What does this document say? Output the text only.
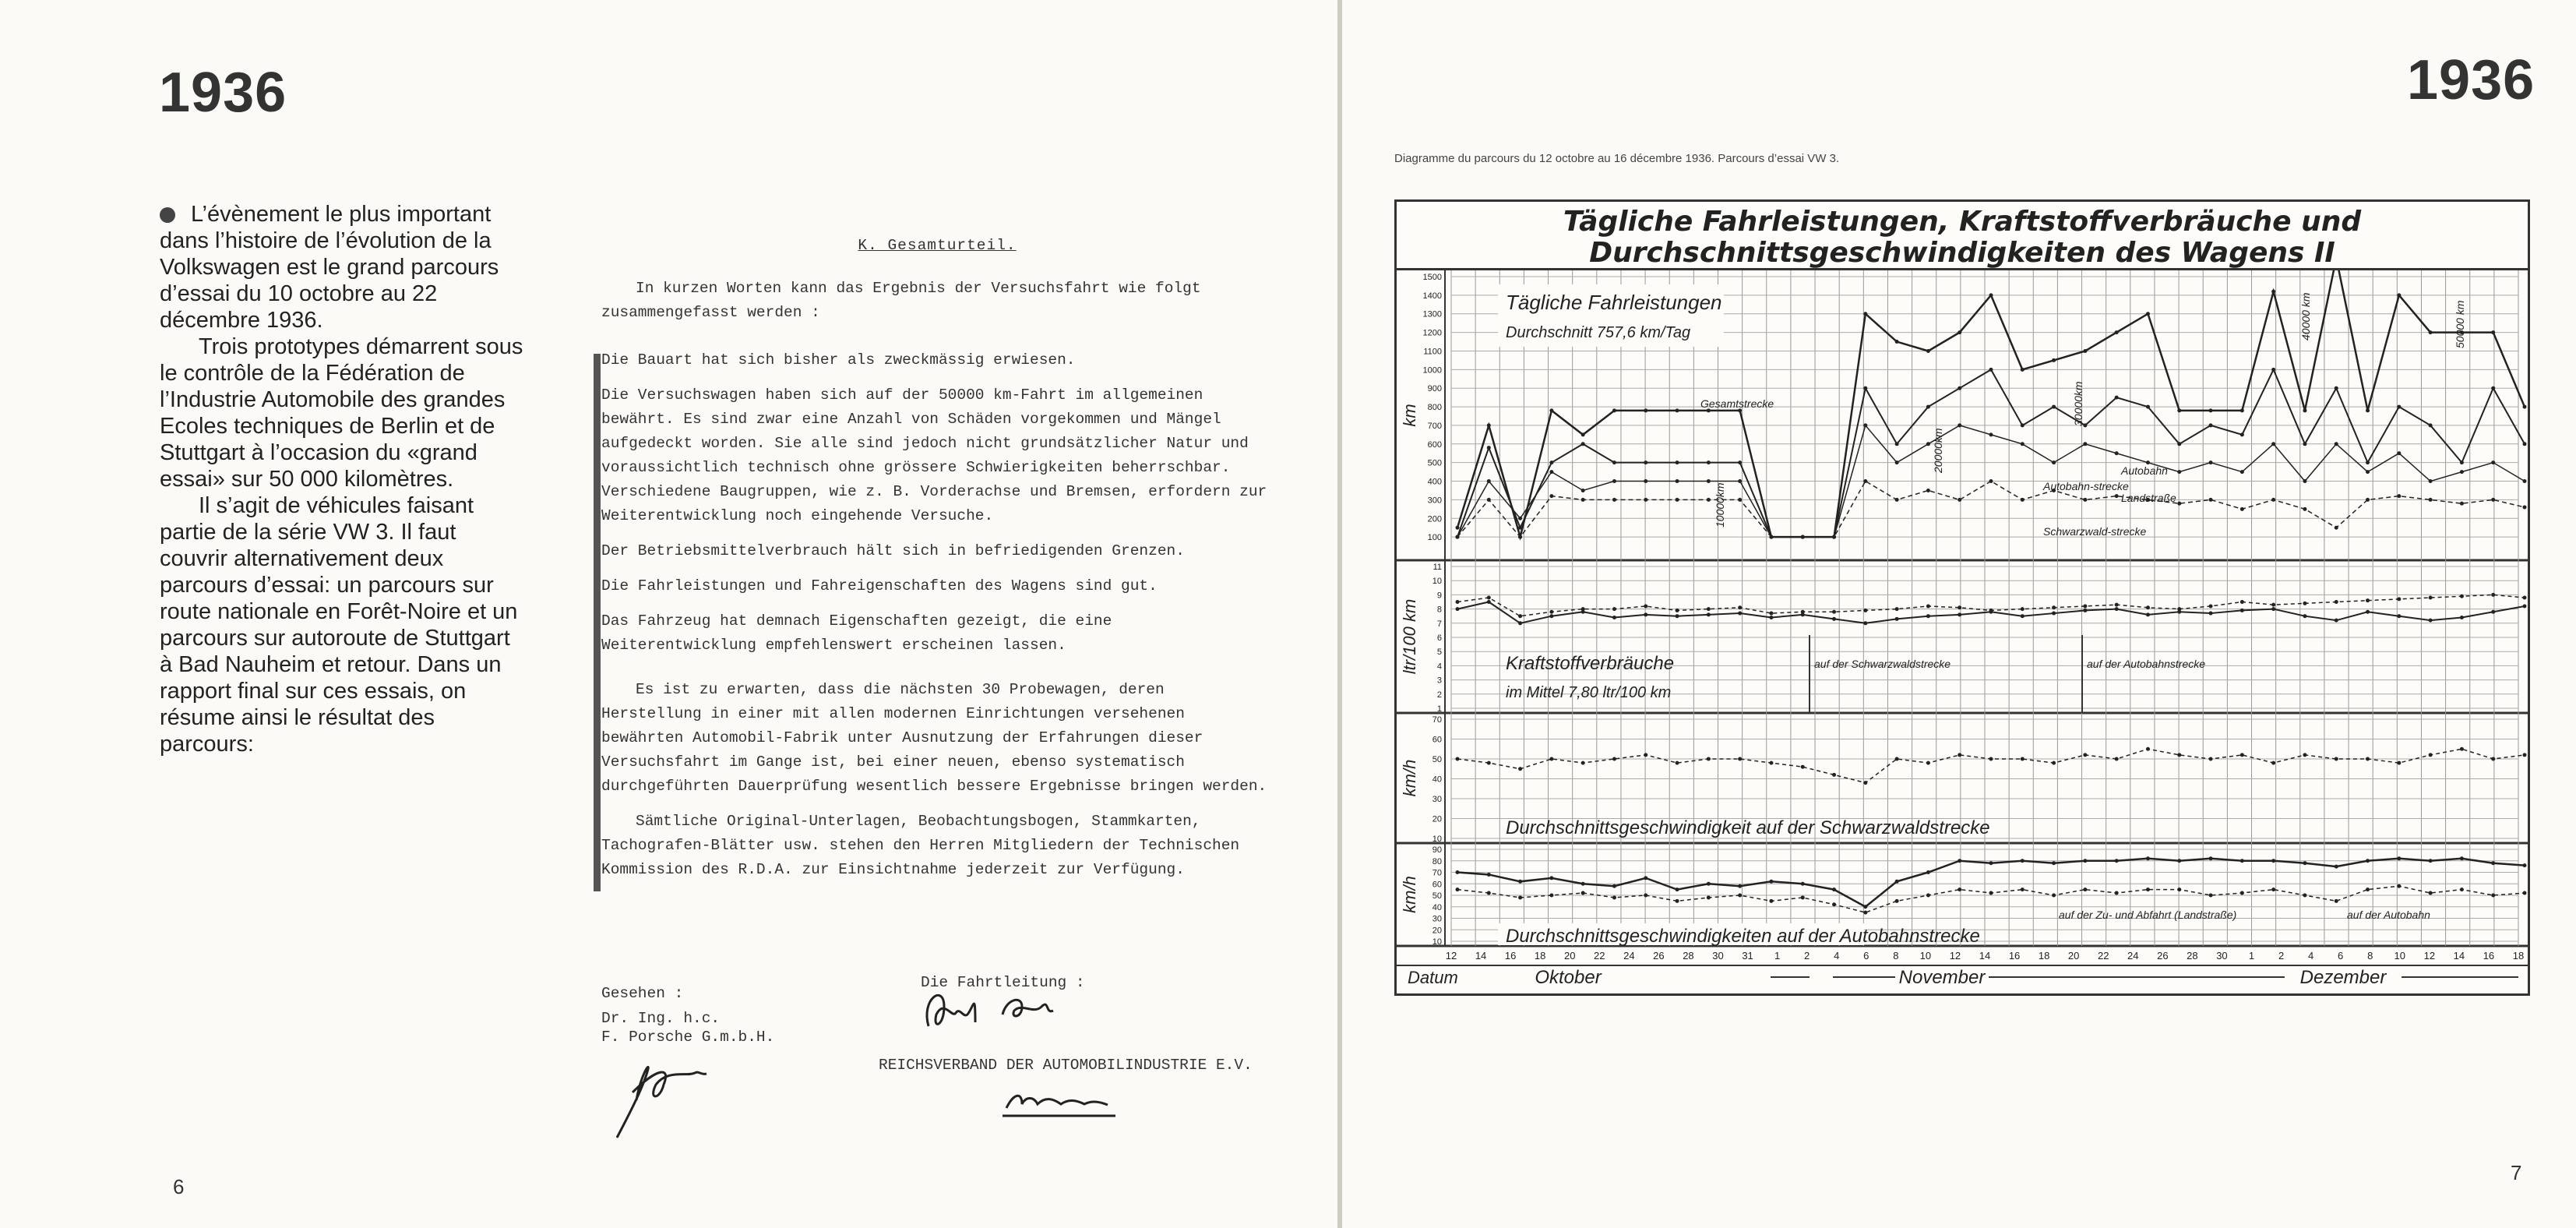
1936

L’évènement le plus important dans l’histoire de l’évolution de la Volkswagen est le grand parcours d’essai du 10 octobre au 22 décembre 1936.

Trois prototypes démarrent sous le contrôle de la Fédération de l’Industrie Automobile des grandes Ecoles techniques de Berlin et de Stuttgart à l’occasion du «grand essai» sur 50 000 kilomètres.

Il s’agit de véhicules faisant partie de la série VW 3. Il faut couvrir alternativement deux parcours d’essai: un parcours sur route nationale en Forêt-Noire et un parcours sur autoroute de Stuttgart à Bad Nauheim et retour. Dans un rapport final sur ces essais, on résume ainsi le résultat des parcours:

K. Gesamturteil.

In kurzen Worten kann das Ergebnis der Versuchsfahrt wie folgt zusammengefasst werden :

Die Bauart hat sich bisher als zweckmässig erwiesen.

Die Versuchswagen haben sich auf der 50000 km-Fahrt im allgemeinen bewährt. Es sind zwar eine Anzahl von Schäden vorgekommen und Mängel aufgedeckt worden. Sie alle sind jedoch nicht grundsätzlicher Natur und voraussichtlich technisch ohne grössere Schwierigkeiten beherrschbar. Verschiedene Baugruppen, wie z. B. Vorderachse und Bremsen, erfordern zur Weiterentwicklung noch eingehende Versuche.

Der Betriebsmittelverbrauch hält sich in befriedigenden Grenzen.

Die Fahrleistungen und Fahreigenschaften des Wagens sind gut.

Das Fahrzeug hat demnach Eigenschaften gezeigt, die eine Weiterentwicklung empfehlenswert erscheinen lassen.

Es ist zu erwarten, dass die nächsten 30 Probewagen, deren Herstellung in einer mit allen modernen Einrichtungen versehenen bewährten Automobil-Fabrik unter Ausnutzung der Erfahrungen dieser Versuchsfahrt im Gange ist, bei einer neuen, ebenso systematisch durchgeführten Dauerprüfung wesentlich bessere Ergebnisse bringen werden.

Sämtliche Original-Unterlagen, Beobachtungsbogen, Stammkarten, Tachografen-Blätter usw. stehen den Herren Mitgliedern der Technischen Kommission des R.D.A. zur Einsichtnahme jederzeit zur Verfügung.

Gesehen :
Dr. Ing. h.c.
F. Porsche G.m.b.H.
Die Fahrtleitung :
REICHSVERBAND DER AUTOMOBILINDUSTRIE E.V.
6
1936
7
Diagramme du parcours du 12 octobre au 16 décembre 1936. Parcours d’essai VW 3.
Tägliche Fahrleistungen, Kraftstoffverbräuche und Durchschnittsgeschwindigkeiten des Wagens II
12 14 16 18 20 22 24 26 28 30 31 1 2 4 6 8 10 12 14 16 18 20 22 24 26 28 30 1 2 4 6 8 10 12 14 16 18
Datum	Oktober	November	Dezember
1500
1400
1300
1200
1100
1000
900
800
700
600
500
400
300
200
100
km
11
10
9
8
7
6
5
4
3
2
1
ltr/100 km
70
60
50
40
30
20
10
km/h
90
80
70
60
50
40
30
20
10
km/h
Tägliche Fahrleistungen
Durchschnitt 757,6 km/Tag
Gesamtstrecke
10000km
20000km
30000km
40000 km	50000 km
Autobahn-strecke
Autobahn
Landstraße
Schwarzwald-strecke
Kraftstoffverbräuche
im Mittel 7,80 ltr/100 km
auf der Schwarzwaldstrecke	auf der Autobahnstrecke
Durchschnittsgeschwindigkeit auf der Schwarzwaldstrecke
Durchschnittsgeschwindigkeiten auf der Autobahnstrecke
auf der Zu- und Abfahrt (Landstraße)	auf der Autobahn
